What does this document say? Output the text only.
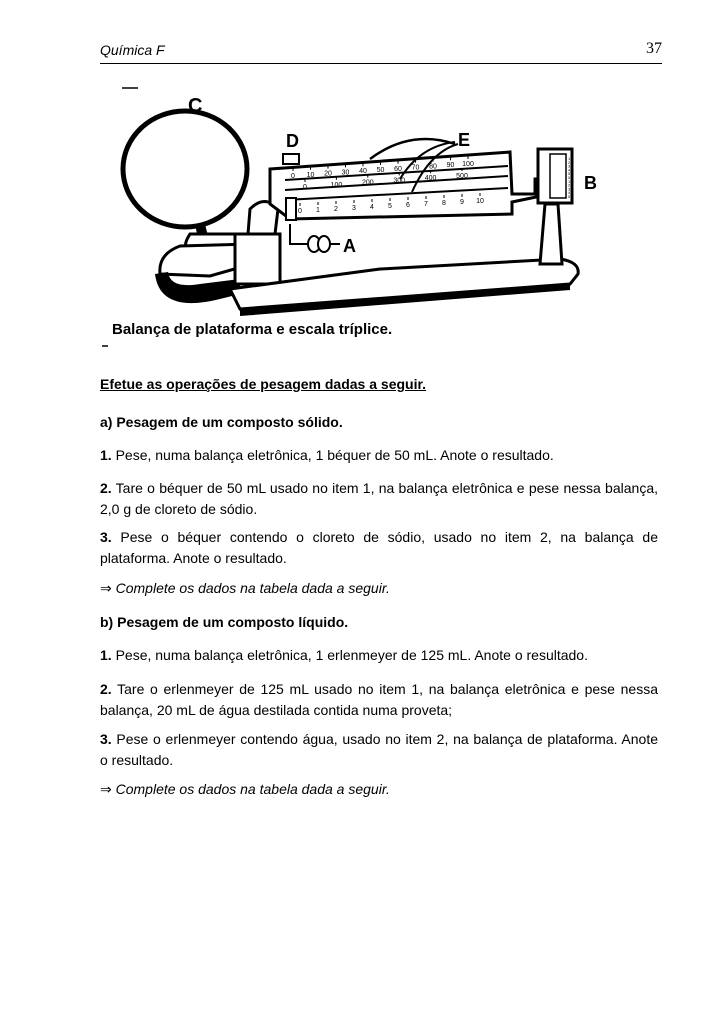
Química F	37
0 10 20 30 40 50 60 70 80 90 100
0	100	200	300	400	500
0 1 2 3 4 5 6 7 8 9 10
1
2
3
4
5
0
1
2
3
4
5
A
B
C
D	E
Balança de plataforma e escala tríplice.
Efetue as operações de pesagem dadas a seguir.
a) Pesagem de um composto sólido.
1. Pese, numa balança eletrônica, 1 béquer de 50 mL. Anote o resultado.
2. Tare o béquer de 50 mL usado no item 1, na balança eletrônica e pese nessa balança, 2,0 g de cloreto de sódio.
3. Pese o béquer contendo o cloreto de sódio, usado no item 2, na balança de plataforma. Anote o resultado.
⇒ Complete os dados na tabela dada a seguir.
b) Pesagem de um composto líquido.
1. Pese, numa balança eletrônica, 1 erlenmeyer de 125 mL. Anote o resultado.
2. Tare o erlenmeyer de 125 mL usado no item 1, na balança eletrônica e pese nessa balança, 20 mL de água destilada contida numa proveta;
3. Pese o erlenmeyer contendo água, usado no item 2, na balança de plataforma. Anote o resultado.
⇒ Complete os dados na tabela dada a seguir.
